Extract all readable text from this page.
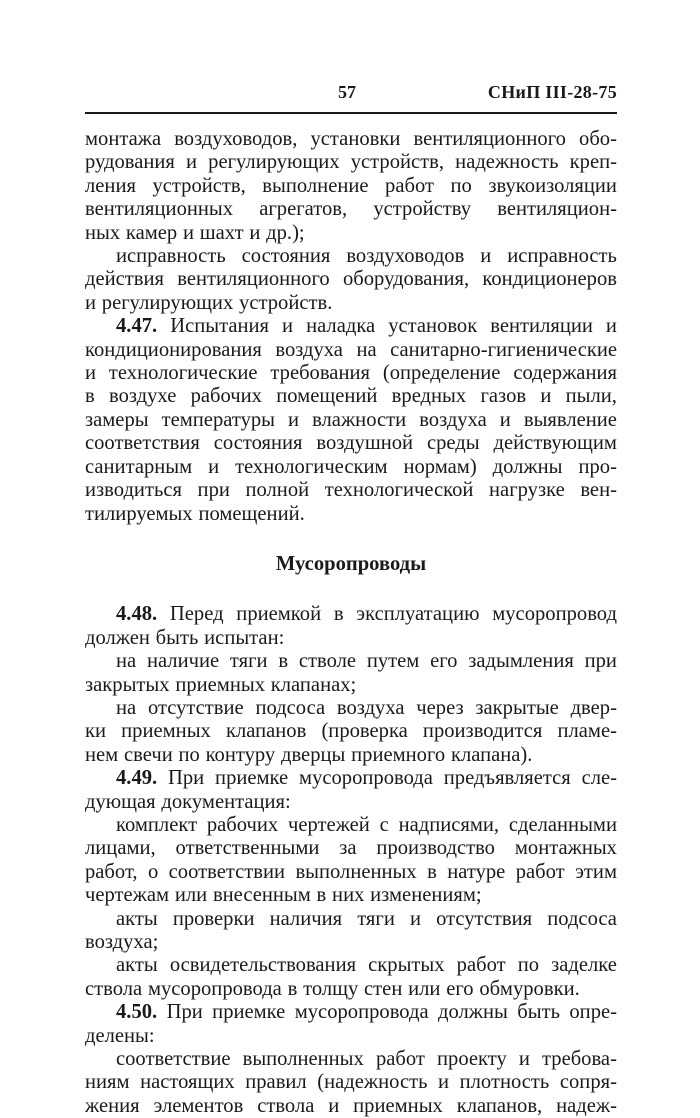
57	СНиП III-28-75
монтажа воздуховодов, установки вентиляционного обо-
рудования и регулирующих устройств, надежность креп-
ления устройств, выполнение работ по звукоизоляции
вентиляционных агрегатов, устройству вентиляцион-
ных камер и шахт и др.);
исправность состояния воздуховодов и исправность
действия вентиляционного оборудования, кондиционеров
и регулирующих устройств.
4.47. Испытания и наладка установок вентиляции и
кондиционирования воздуха на санитарно-гигиенические
и технологические требования (определение содержания
в воздухе рабочих помещений вредных газов и пыли,
замеры температуры и влажности воздуха и выявление
соответствия состояния воздушной среды действующим
санитарным и технологическим нормам) должны про-
изводиться при полной технологической нагрузке вен-
тилируемых помещений.
Мусоропроводы
4.48. Перед приемкой в эксплуатацию мусоропровод
должен быть испытан:
на наличие тяги в стволе путем его задымления при
закрытых приемных клапанах;
на отсутствие подсоса воздуха через закрытые двер-
ки приемных клапанов (проверка производится пламе-
нем свечи по контуру дверцы приемного клапана).
4.49. При приемке мусоропровода предъявляется сле-
дующая документация:
комплект рабочих чертежей с надписями, сделанными
лицами, ответственными за производство монтажных
работ, о соответствии выполненных в натуре работ этим
чертежам или внесенным в них изменениям;
акты проверки наличия тяги и отсутствия подсоса
воздуха;
акты освидетельствования скрытых работ по заделке
ствола мусоропровода в толщу стен или его обмуровки.
4.50. При приемке мусоропровода должны быть опре-
делены:
соответствие выполненных работ проекту и требова-
ниям настоящих правил (надежность и плотность сопря-
жения элементов ствола и приемных клапанов, надеж-
